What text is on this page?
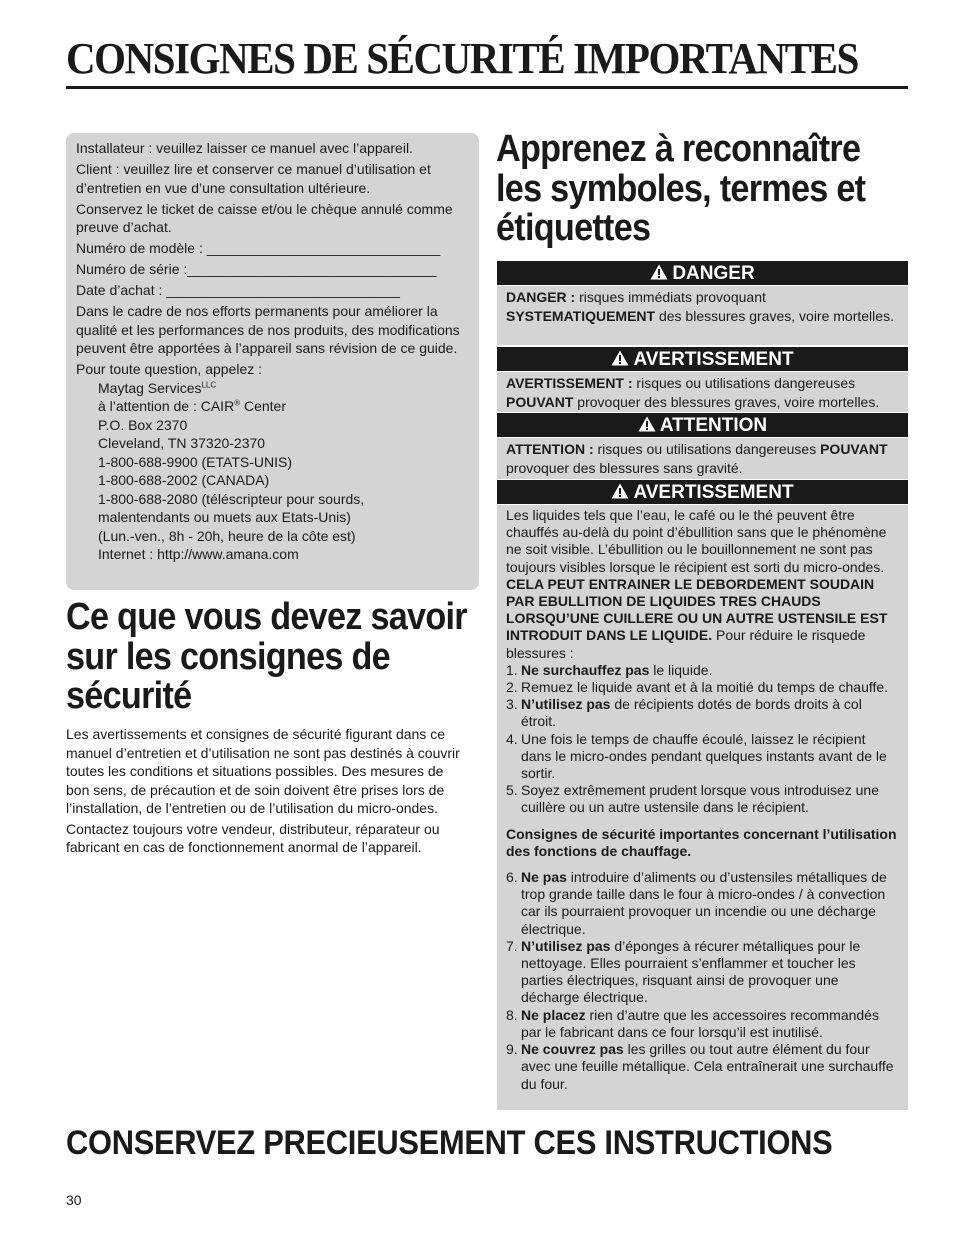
CONSIGNES DE SÉCURITÉ IMPORTANTES

Installateur : veuillez laisser ce manuel avec l’appareil.

Client : veuillez lire et conserver ce manuel d’utilisation et d’entretien en vue d’une consultation ultérieure.

Conservez le ticket de caisse et/ou le chèque annulé comme preuve d’achat.

Numéro de modèle : ______________________________

Numéro de série :________________________________

Date d’achat : ______________________________

Dans le cadre de nos efforts permanents pour améliorer la qualité et les performances de nos produits, des modifications peuvent être apportées à l’appareil sans révision de ce guide.

Pour toute question, appelez :

Maytag Services$^{LLC}$
à l’attention de : CAIR® Center
P.O. Box 2370
Cleveland, TN 37320-2370
1-800-688-9900 (ETATS-UNIS)
1-800-688-2002 (CANADA)
1-800-688-2080 (téléscripteur pour sourds, malentendants ou muets aux Etats-Unis)
(Lun.-ven., 8h - 20h, heure de la côte est)
Internet : http://www.amana.com
Ce que vous devez savoir sur les consignes de sécurité

Les avertissements et consignes de sécurité figurant dans ce manuel d’entretien et d’utilisation ne sont pas destinés à couvrir toutes les conditions et situations possibles. Des mesures de bon sens, de précaution et de soin doivent être prises lors de l’installation, de l’entretien ou de l’utilisation du micro-ondes.

Contactez toujours votre vendeur, distributeur, réparateur ou fabricant en cas de fonctionnement anormal de l’appareil.

Apprenez à reconnaître les symboles, termes et étiquettes
DANGER

DANGER : risques immédiats provoquant SYSTEMATIQUEMENT des blessures graves, voire mortelles.

AVERTISSEMENT

AVERTISSEMENT : risques ou utilisations dangereuses POUVANT provoquer des blessures graves, voire mortelles.

ATTENTION

ATTENTION : risques ou utilisations dangereuses POUVANT provoquer des blessures sans gravité.

AVERTISSEMENT

Les liquides tels que l’eau, le café ou le thé peuvent être chauffés au-delà du point d’ébullition sans que le phénomène ne soit visible. L’ébullition ou le bouillonnement ne sont pas toujours visibles lorsque le récipient est sorti du micro-ondes. CELA PEUT ENTRAINER LE DEBORDEMENT SOUDAIN PAR EBULLITION DE LIQUIDES TRES CHAUDS LORSQU’UNE CUILLERE OU UN AUTRE USTENSILE EST INTRODUIT DANS LE LIQUIDE. Pour réduire le risquede blessures :

1. Ne surchauffez pas le liquide.
2. Remuez le liquide avant et à la moitié du temps de chauffe.
3. N’utilisez pas de récipients dotés de bords droits à col étroit.
4. Une fois le temps de chauffe écoulé, laissez le récipient dans le micro-ondes pendant quelques instants avant de le sortir.
5. Soyez extrêmement prudent lorsque vous introduisez une cuillère ou un autre ustensile dans le récipient.

Consignes de sécurité importantes concernant l’utilisation des fonctions de chauffage.

6. Ne pas introduire d’aliments ou d’ustensiles métalliques de trop grande taille dans le four à micro-ondes / à convection car ils pourraient provoquer un incendie ou une décharge électrique.
7. N’utilisez pas d’éponges à récurer métalliques pour le nettoyage. Elles pourraient s’enflammer et toucher les parties électriques, risquant ainsi de provoquer une décharge électrique.
8. Ne placez rien d’autre que les accessoires recommandés par le fabricant dans ce four lorsqu’il est inutilisé.
9. Ne couvrez pas les grilles ou tout autre élément du four avec une feuille métallique. Cela entraînerait une surchauffe du four.
CONSERVEZ PRECIEUSEMENT CES INSTRUCTIONS
30
